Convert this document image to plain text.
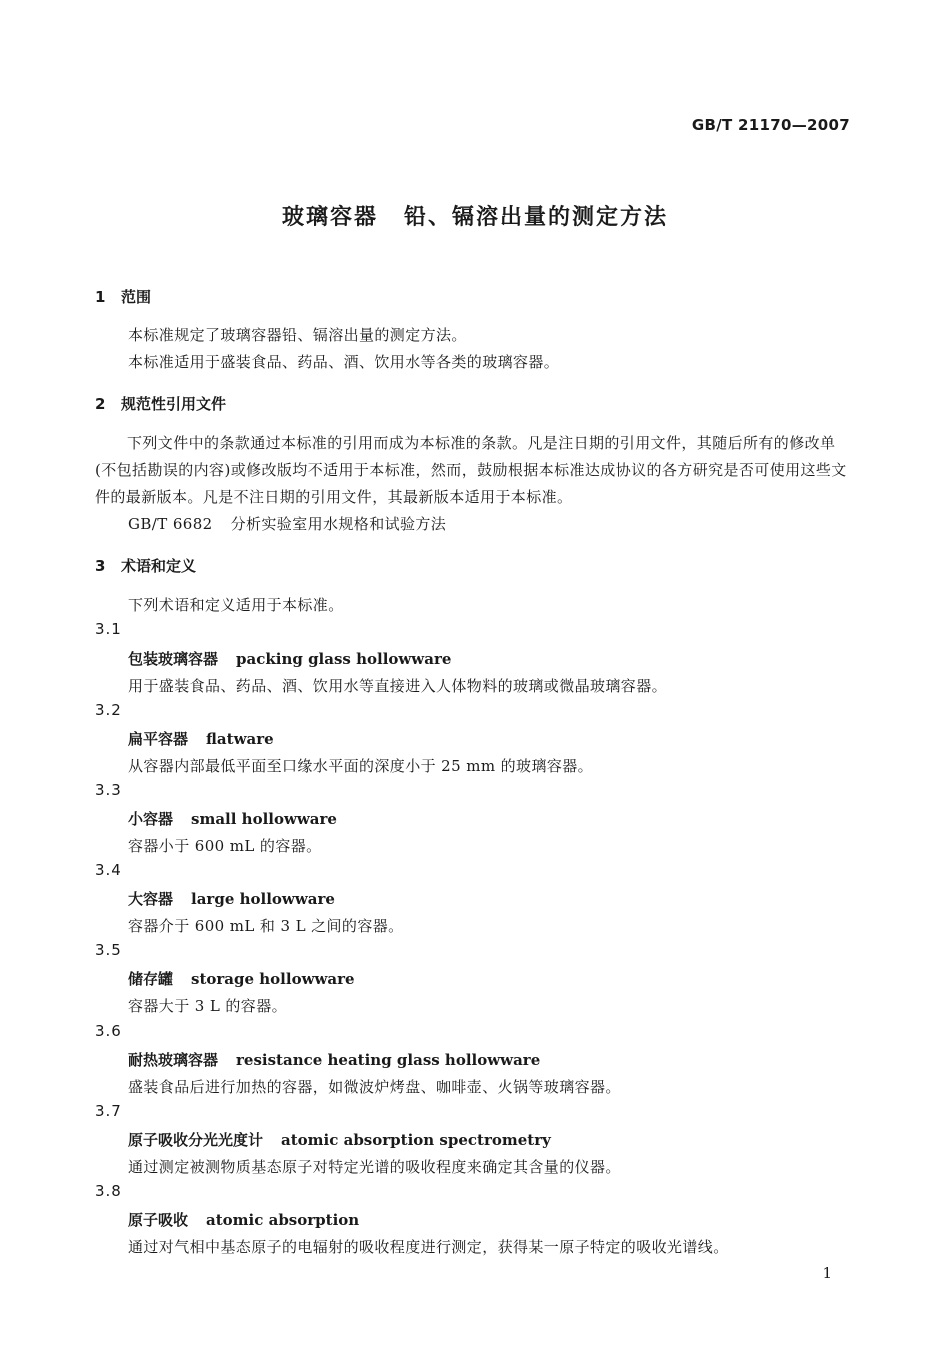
GB/T 21170—2007
玻璃容器 铅、镉溶出量的测定方法
1 范围
本标准规定了玻璃容器铅、镉溶出量的测定方法。
本标准适用于盛装食品、药品、酒、饮用水等各类的玻璃容器。
2 规范性引用文件
下列文件中的条款通过本标准的引用而成为本标准的条款。凡是注日期的引用文件，其随后所有的修改单(不包括勘误的内容)或修改版均不适用于本标准，然而，鼓励根据本标准达成协议的各方研究是否可使用这些文件的最新版本。凡是不注日期的引用文件，其最新版本适用于本标准。
GB/T 6682 分析实验室用水规格和试验方法
3 术语和定义
下列术语和定义适用于本标准。
3.1
包装玻璃容器 packing glass hollowware
用于盛装食品、药品、酒、饮用水等直接进入人体物料的玻璃或微晶玻璃容器。
3.2
扁平容器 flatware
从容器内部最低平面至口缘水平面的深度小于 25 mm 的玻璃容器。
3.3
小容器 small hollowware
容器小于 600 mL 的容器。
3.4
大容器 large hollowware
容器介于 600 mL 和 3 L 之间的容器。
3.5
储存罐 storage hollowware
容器大于 3 L 的容器。
3.6
耐热玻璃容器 resistance heating glass hollowware
盛装食品后进行加热的容器，如微波炉烤盘、咖啡壶、火锅等玻璃容器。
3.7
原子吸收分光光度计 atomic absorption spectrometry
通过测定被测物质基态原子对特定光谱的吸收程度来确定其含量的仪器。
3.8
原子吸收 atomic absorption
通过对气相中基态原子的电辐射的吸收程度进行测定，获得某一原子特定的吸收光谱线。
1
